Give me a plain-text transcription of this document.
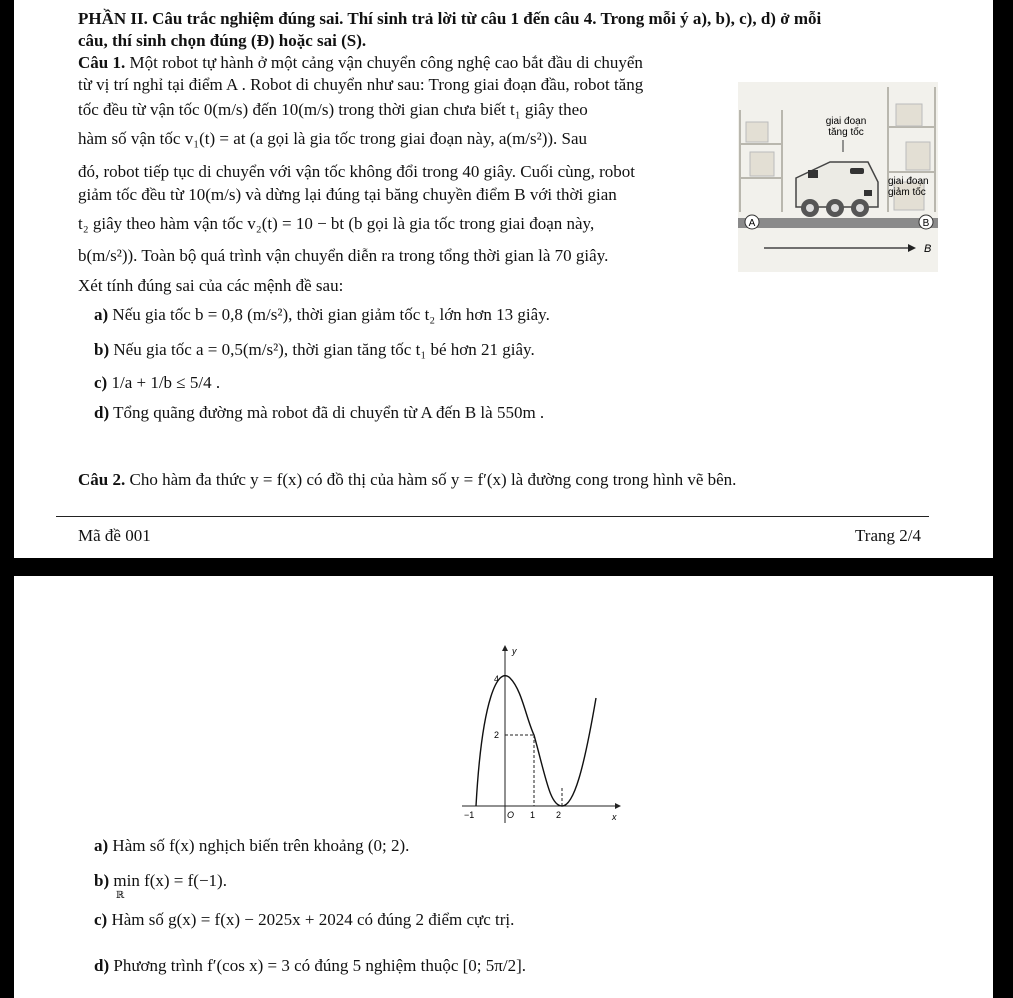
PHẦN II. Câu trắc nghiệm đúng sai. Thí sinh trả lời từ câu 1 đến câu 4. Trong mỗi ý a), b), c), d) ở mỗi
câu, thí sinh chọn đúng (Đ) hoặc sai (S).
Câu 1. Một robot tự hành ở một cảng vận chuyển công nghệ cao bắt đầu di chuyển
từ vị trí nghỉ tại điểm A . Robot di chuyển như sau: Trong giai đoạn đầu, robot tăng
tốc đều từ vận tốc 0(m/s) đến 10(m/s) trong thời gian chưa biết t₁ giây theo
hàm số vận tốc v₁(t) = at (a gọi là gia tốc trong giai đoạn này, a(m/s²)). Sau
đó, robot tiếp tục di chuyển với vận tốc không đổi trong 40 giây. Cuối cùng, robot
giảm tốc đều từ 10(m/s) và dừng lại đúng tại băng chuyền điểm B với thời gian
t₂ giây theo hàm vận tốc v₂(t) = 10 − bt (b gọi là gia tốc trong giai đoạn này,
b(m/s²)). Toàn bộ quá trình vận chuyển diễn ra trong tổng thời gian là 70 giây.
Xét tính đúng sai của các mệnh đề sau:
a) Nếu gia tốc b = 0,8 (m/s²), thời gian giảm tốc t₂ lớn hơn 13 giây.
b) Nếu gia tốc a = 0,5(m/s²), thời gian tăng tốc t₁ bé hơn 21 giây.
c) 1/a + 1/b ≤ 5/4 .
d) Tổng quãng đường mà robot đã di chuyển từ A đến B là 550m .
giai đoạn
tăng tốc
giai đoạn
giảm tốc
A	B
B
Câu 2. Cho hàm đa thức y = f(x) có đồ thị của hàm số y = f′(x) là đường cong trong hình vẽ bên.
Mã đề 001	Trang 2/4
y
x
4
2
−1	O 1 2
a) Hàm số f(x) nghịch biến trên khoảng (0; 2).
b) min f(x) = f(−1).
ℝ
c) Hàm số g(x) = f(x) − 2025x + 2024 có đúng 2 điểm cực trị.
d) Phương trình f′(cos x) = 3 có đúng 5 nghiệm thuộc [0; 5π/2].
